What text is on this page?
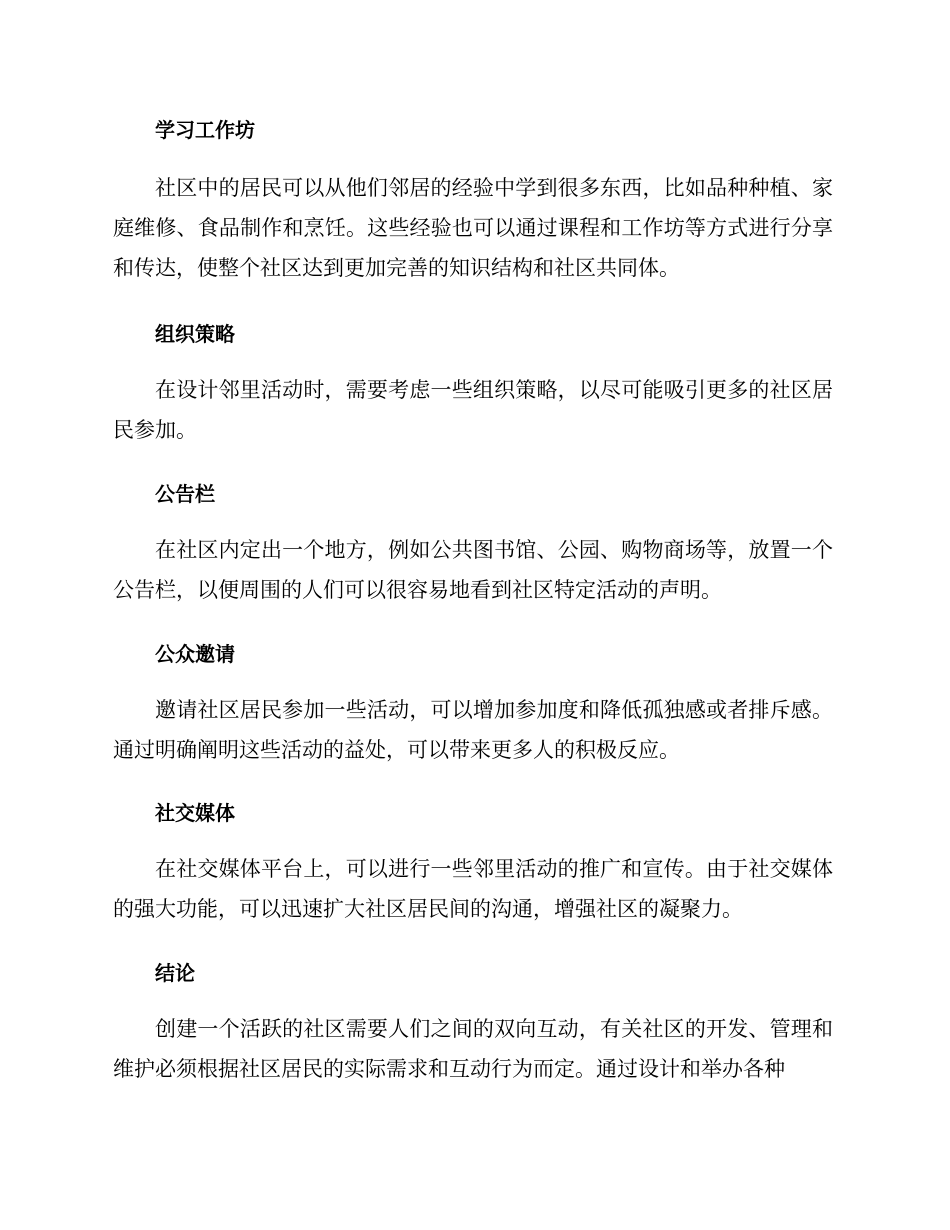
学习工作坊

社区中的居民可以从他们邻居的经验中学到很多东西，比如品种种植、家庭维修、食品制作和烹饪。这些经验也可以通过课程和工作坊等方式进行分享和传达，使整个社区达到更加完善的知识结构和社区共同体。

组织策略

在设计邻里活动时，需要考虑一些组织策略，以尽可能吸引更多的社区居民参加。

公告栏

在社区内定出一个地方，例如公共图书馆、公园、购物商场等，放置一个公告栏，以便周围的人们可以很容易地看到社区特定活动的声明。

公众邀请

邀请社区居民参加一些活动，可以增加参加度和降低孤独感或者排斥感。通过明确阐明这些活动的益处，可以带来更多人的积极反应。

社交媒体

在社交媒体平台上，可以进行一些邻里活动的推广和宣传。由于社交媒体的强大功能，可以迅速扩大社区居民间的沟通，增强社区的凝聚力。

结论

创建一个活跃的社区需要人们之间的双向互动，有关社区的开发、管理和维护必须根据社区居民的实际需求和互动行为而定。通过设计和举办各种
